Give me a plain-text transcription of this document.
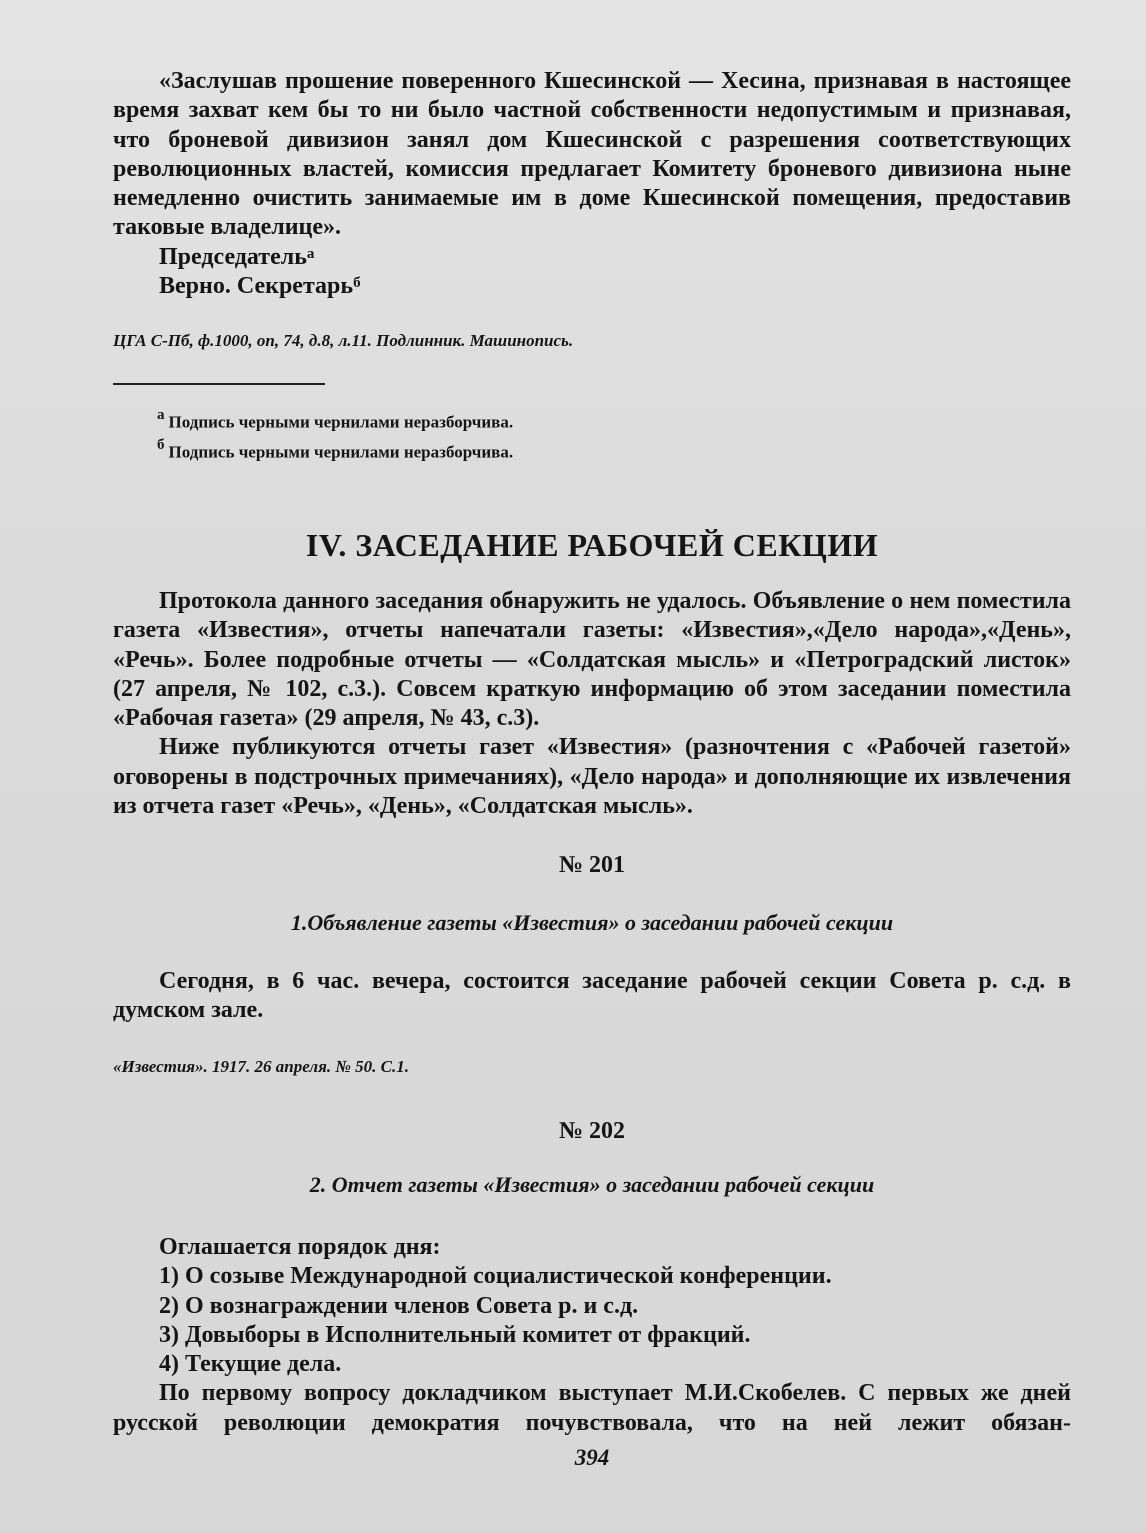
«Заслушав прошение поверенного Кшесинской — Хесина, признавая в настоящее время захват кем бы то ни было частной собственности недопустимым и признавая, что броневой дивизион занял дом Кшесинской с разрешения соответствующих революционных властей, комиссия предлагает Комитету броневого дивизиона ныне немедленно очистить занимаемые им в доме Кшесинской помещения, предоставив таковые владелице».

Председатель$^а$
Верно. Секретарь$^б$
ЦГА С-Пб, ф.1000, оп, 74, д.8, л.11. Подлинник. Машинопись.
$^а$ Подпись черными чернилами неразборчива.
$^б$ Подпись черными чернилами неразборчива.
IV. ЗАСЕДАНИЕ РАБОЧЕЙ СЕКЦИИ

Протокола данного заседания обнаружить не удалось. Объявление о нем поместила газета «Известия», отчеты напечатали газеты: «Известия»,«Дело народа»,«День», «Речь». Более подробные отчеты — «Солдатская мысль» и «Петроградский листок» (27 апреля, № 102, с.3.). Совсем краткую информацию об этом заседании поместила «Рабочая газета» (29 апреля, № 43, с.3).

Ниже публикуются отчеты газет «Известия» (разночтения с «Рабочей газетой» оговорены в подстрочных примечаниях), «Дело народа» и дополняющие их извлечения из отчета газет «Речь», «День», «Солдатская мысль».

№ 201
1.Объявление газеты «Известия» о заседании рабочей секции

Сегодня, в 6 час. вечера, состоится заседание рабочей секции Совета р. с.д. в думском зале.

«Известия». 1917. 26 апреля. № 50. С.1.
№ 202
2. Отчет газеты «Известия» о заседании рабочей секции
Оглашается порядок дня:
1) О созыве Международной социалистической конференции.
2) О вознаграждении членов Совета р. и с.д.
3) Довыборы в Исполнительный комитет от фракций.
4) Текущие дела.

По первому вопросу докладчиком выступает М.И.Скобелев. С первых же дней русской революции демократия почувствовала, что на ней лежит обязан-

394
